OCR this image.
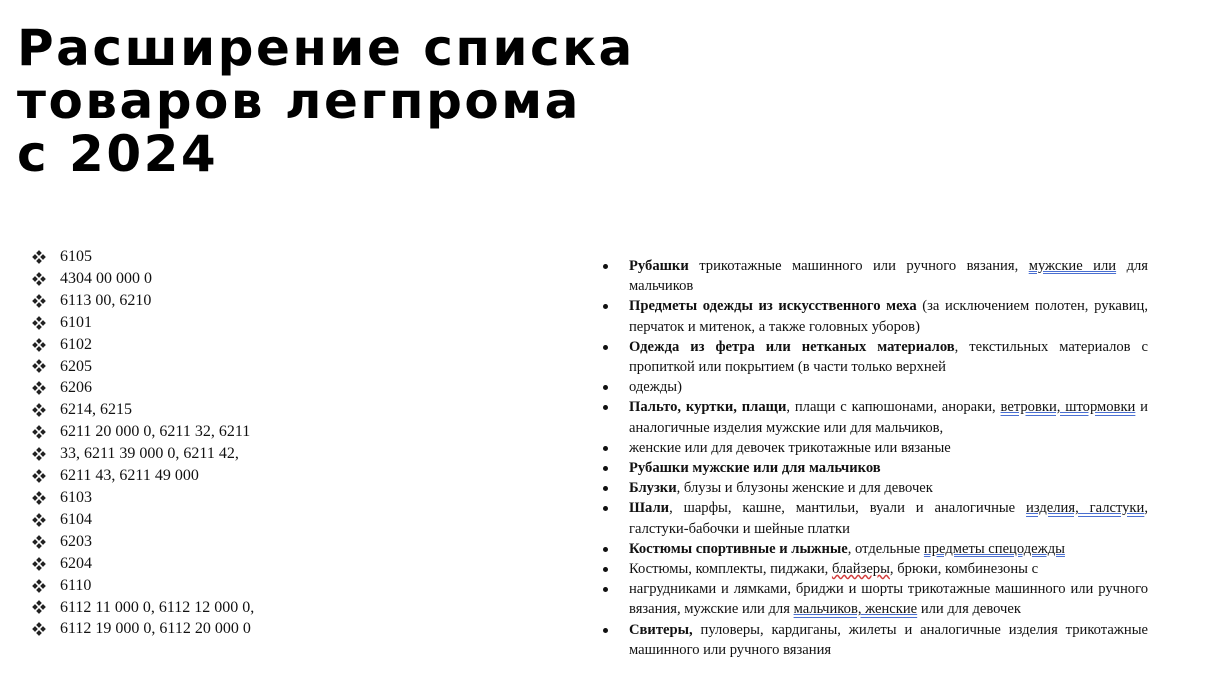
Расширение списка
товаров легпрома
с 2024
6105
4304 00 000 0
6113 00, 6210
6101
6102
6205
6206
6214, 6215
6211 20 000 0, 6211 32, 6211
33, 6211 39 000 0, 6211 42,
6211 43, 6211 49 000
6103
6104
6203
6204
6110
6112 11 000 0, 6112 12 000 0,
6112 19 000 0, 6112 20 000 0
Рубашки трикотажные машинного или ручного вязания, мужские или для мальчиков
Предметы одежды из искусственного меха (за исключением полотен, рукавиц, перчаток и митенок, а также головных уборов)
Одежда из фетра или нетканых материалов, текстильных материалов с пропиткой или покрытием (в части только верхней
одежды)
Пальто, куртки, плащи, плащи с капюшонами, анораки, ветровки, штормовки и аналогичные изделия мужские или для мальчиков,
женские или для девочек трикотажные или вязаные
Рубашки мужские или для мальчиков
Блузки, блузы и блузоны женские и для девочек
Шали, шарфы, кашне, мантильи, вуали и аналогичные изделия, галстуки, галстуки-бабочки и шейные платки
Костюмы спортивные и лыжные, отдельные предметы спецодежды
Костюмы, комплекты, пиджаки, блайзеры, брюки, комбинезоны с
нагрудниками и лямками, бриджи и шорты трикотажные машинного или ручного вязания, мужские или для мальчиков, женские или для девочек
Свитеры, пуловеры, кардиганы, жилеты и аналогичные изделия трикотажные машинного или ручного вязания
